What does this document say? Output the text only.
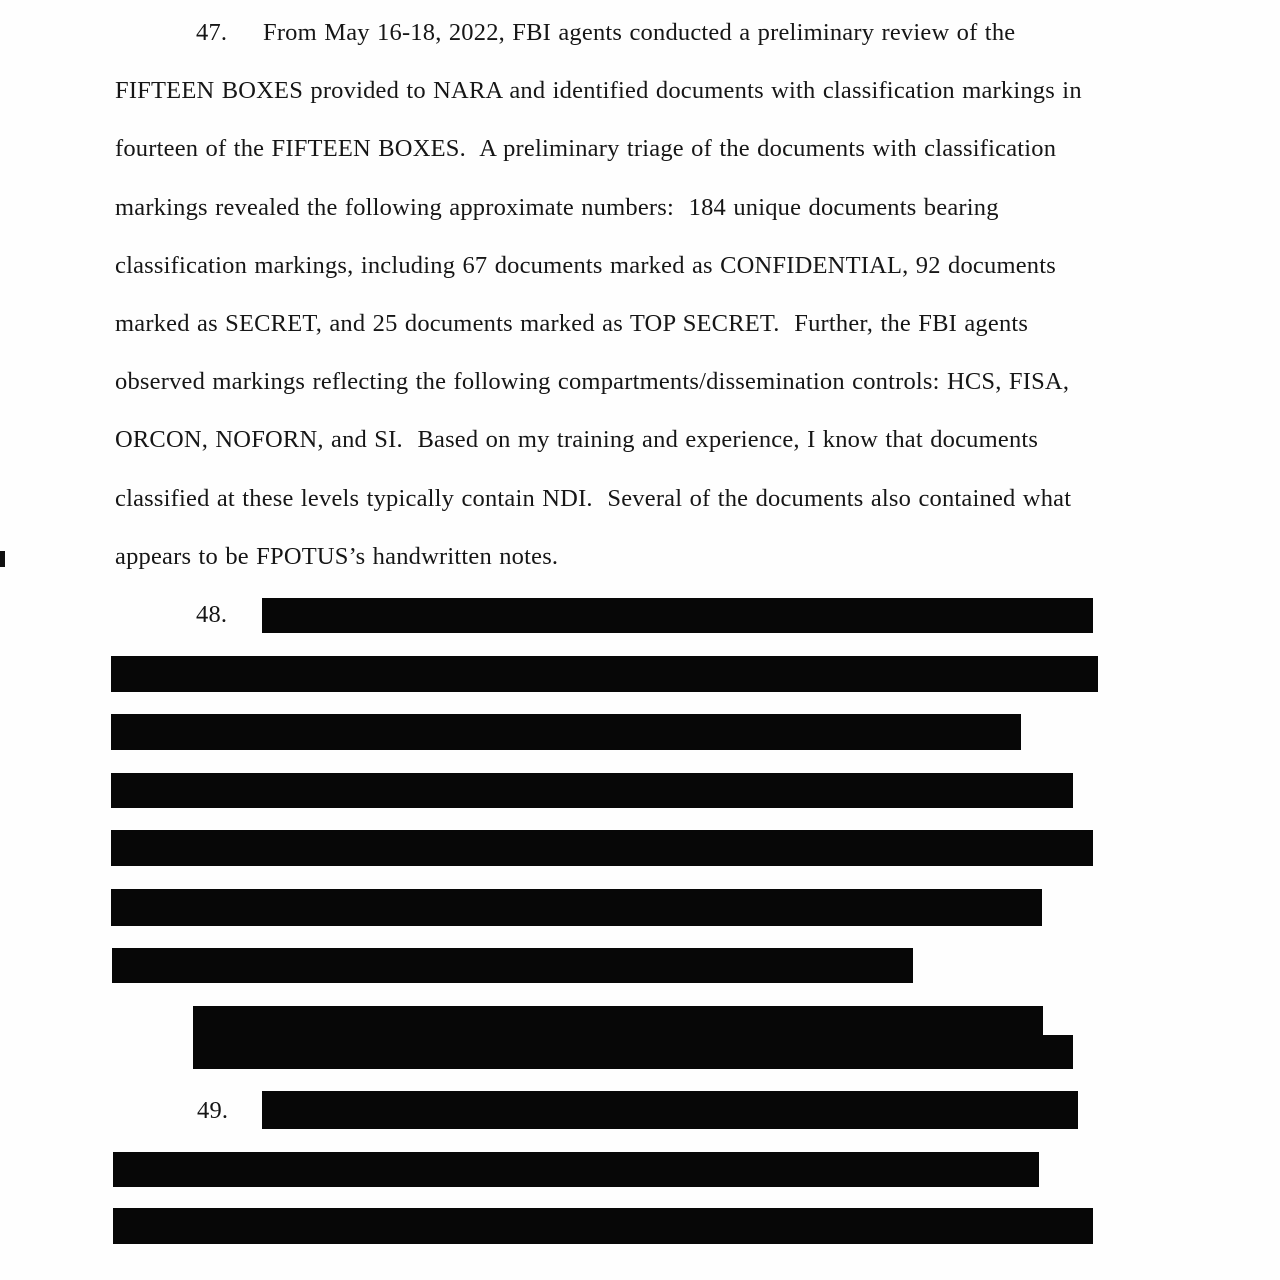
47.

From May 16-18, 2022, FBI agents conducted a preliminary review of the

FIFTEEN BOXES provided to NARA and identified documents with classification markings in
fourteen of the FIFTEEN BOXES.  A preliminary triage of the documents with classification
markings revealed the following approximate numbers:  184 unique documents bearing
classification markings, including 67 documents marked as CONFIDENTIAL, 92 documents
marked as SECRET, and 25 documents marked as TOP SECRET.  Further, the FBI agents
observed markings reflecting the following compartments/dissemination controls: HCS, FISA,
ORCON, NOFORN, and SI.  Based on my training and experience, I know that documents
classified at these levels typically contain NDI.  Several of the documents also contained what
appears to be FPOTUS’s handwritten notes.
48.
49.
